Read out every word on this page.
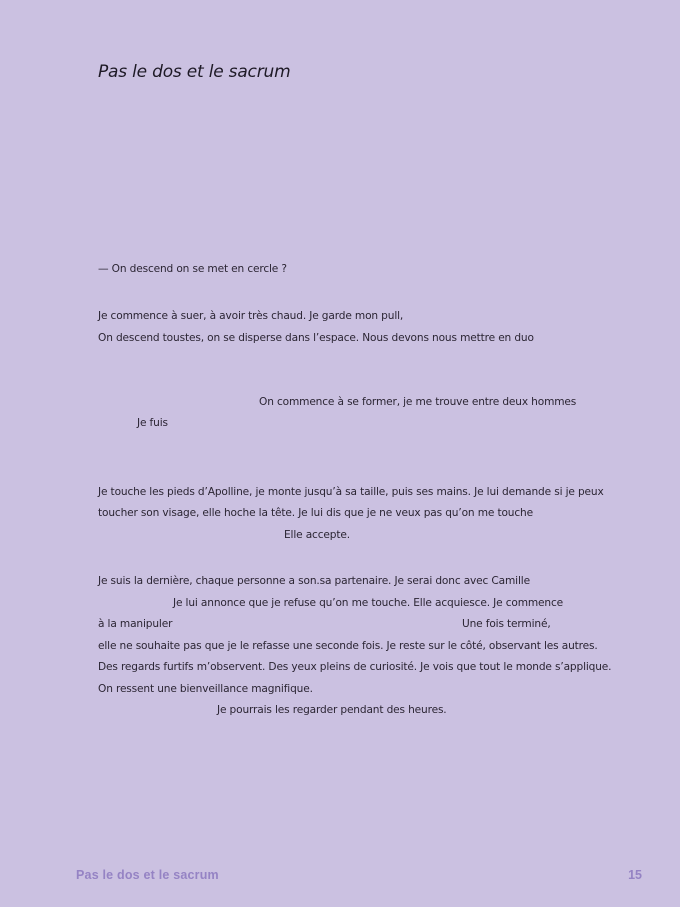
Pas le dos et le sacrum
— On descend on se met en cercle ?
Je commence à suer, à avoir très chaud. Je garde mon pull,
On descend toustes, on se disperse dans l’espace. Nous devons nous mettre en duo
On commence à se former, je me trouve entre deux hommes
Je fuis
Je touche les pieds d’Apolline, je monte jusqu’à sa taille, puis ses mains. Je lui demande si je peux
toucher son visage, elle hoche la tête. Je lui dis que je ne veux pas qu’on me touche
Elle accepte.
Je suis la dernière, chaque personne a son.sa partenaire. Je serai donc avec Camille
Je lui annonce que je refuse qu’on me touche. Elle acquiesce. Je commence
à la manipuler	Une fois terminé,
elle ne souhaite pas que je le refasse une seconde fois. Je reste sur le côté, observant les autres.
Des regards furtifs m’observent. Des yeux pleins de curiosité. Je vois que tout le monde s’applique.
On ressent une bienveillance magnifique.
Je pourrais les regarder pendant des heures.
Pas le dos et le sacrum	15
